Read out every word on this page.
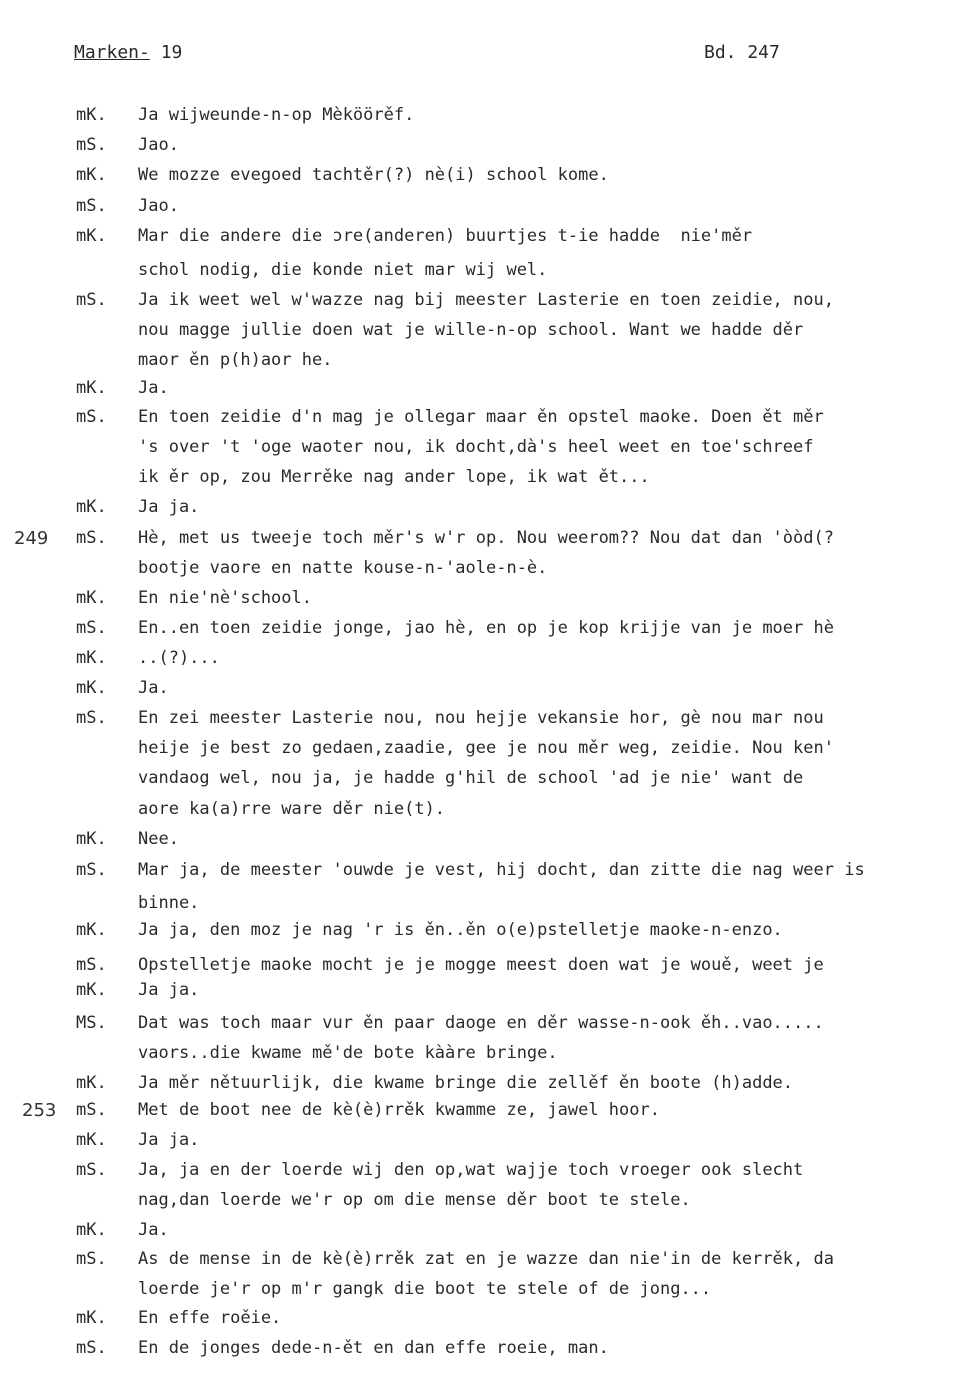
Marken- 19	Bd. 247
mK.	Ja wijweunde-n-op Mèköörěf.
mS.	Jao.
mK.	We mozze evegoed tachtěr(?) nè(i) school kome.
mS.	Jao.
mK.	Mar die andere die ɔre(anderen) buurtjes t-ie hadde  nie'měr
schol nodig, die konde niet mar wij wel.
mS.	Ja ik weet wel w'wazze nag bij meester Lasterie en toen zeidie, nou,
nou magge jullie doen wat je wille-n-op school. Want we hadde děr
maor ěn p(h)aor he.
mK.	Ja.
mS.	En toen zeidie d'n mag je ollegar maar ěn opstel maoke. Doen ět měr
's over 't 'oge waoter nou, ik docht,dà's heel weet en toe'schreef
ik ěr op, zou Merrěke nag ander lope, ik wat ět...
mK.	Ja ja.
249	mS.	Hè, met us tweeje toch měr's w'r op. Nou weerom?? Nou dat dan 'òòd(?
bootje vaore en natte kouse-n-'aole-n-è.
mK.	En nie'nè'school.
mS.	En..en toen zeidie jonge, jao hè, en op je kop krijje van je moer hè
mK.	..(?)...
mK.	Ja.
mS.	En zei meester Lasterie nou, nou hejje vekansie hor, gè nou mar nou
heije je best zo gedaen,zaadie, gee je nou měr weg, zeidie. Nou ken'
vandaog wel, nou ja, je hadde g'hil de school 'ad je nie' want de
aore ka(a)rre ware děr nie(t).
mK.	Nee.
mS.	Mar ja, de meester 'ouwde je vest, hij docht, dan zitte die nag weer is
binne.
mK.	Ja ja, den moz je nag 'r is ěn..ěn o(e)pstelletje maoke-n-enzo.
mS.	Opstelletje maoke mocht je je mogge meest doen wat je wouě, weet je
mK.	Ja ja.
MS.	Dat was toch maar vur ěn paar daoge en děr wasse-n-ook ěh..vao.....
vaors..die kwame mě'de bote kààre bringe.
mK.	Ja měr nětuurlijk, die kwame bringe die zellěf ěn boote (h)adde.
253	mS.	Met de boot nee de kè(è)rrěk kwamme ze, jawel hoor.
mK.	Ja ja.
mS.	Ja, ja en der loerde wij den op,wat wajje toch vroeger ook slecht
nag,dan loerde we'r op om die mense děr boot te stele.
mK.	Ja.
mS.	As de mense in de kè(è)rrěk zat en je wazze dan nie'in de kerrěk, da
loerde je'r op m'r gangk die boot te stele of de jong...
mK.	En effe roěie.
mS.	En de jonges dede-n-ět en dan effe roeie, man.
